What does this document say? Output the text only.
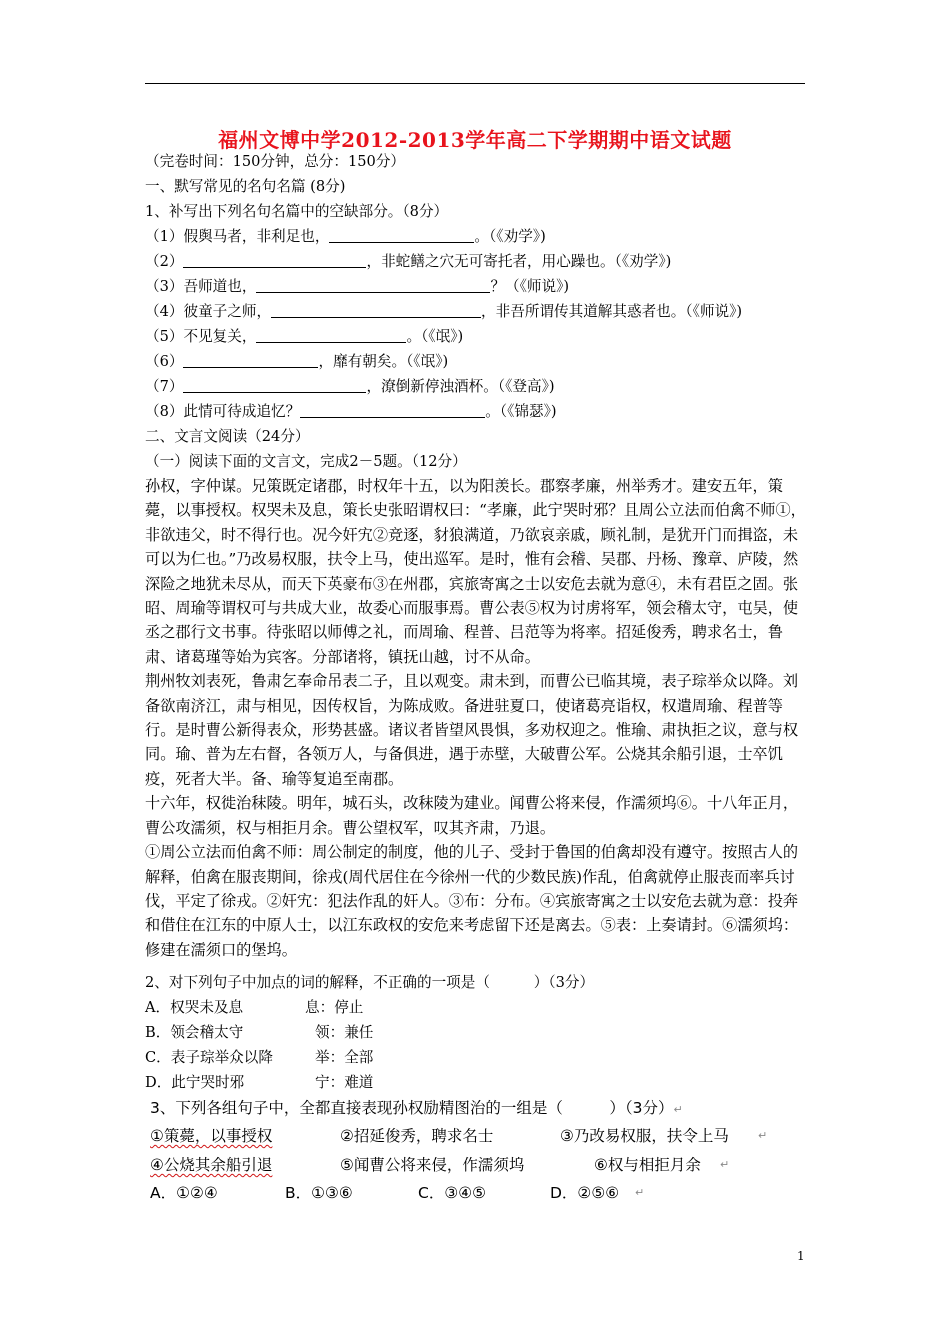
福州文博中学2012-2013学年高二下学期期中语文试题
（完卷时间：150分钟，总分：150分）
一、默写常见的名句名篇 (8分)
1、补写出下列名句名篇中的空缺部分。（8分）
（1）假舆马者，非利足也，	。（《劝学》)
（2）	，非蛇鳝之穴无可寄托者，用心躁也。（《劝学》)
（3）吾师道也，	？（《师说》)
（4）彼童子之师，	，非吾所谓传其道解其惑者也。（《师说》)
（5）不见复关，	。（《氓》)
（6）	，靡有朝矣。（《氓》)
（7）	，潦倒新停浊酒杯。（《登高》)
（8）此情可待成追忆？	。（《锦瑟》)
二、文言文阅读（24分）
（一）阅读下面的文言文，完成2－5题。（12分）

孙权，字仲谋。兄策既定诸郡，时权年十五，以为阳羡长。郡察孝廉，州举秀才。建安五年，策薨，以事授权。权哭未及息，策长史张昭谓权曰：“孝廉，此宁哭时邪？且周公立法而伯禽不师①，非欲违父，时不得行也。况今奸宄②竞逐，豺狼满道，乃欲哀亲戚，顾礼制，是犹开门而揖盗，未可以为仁也。”乃改易权服，扶令上马，使出巡军。是时，惟有会稽、吴郡、丹杨、豫章、庐陵，然深险之地犹未尽从，而天下英豪布③在州郡，宾旅寄寓之士以安危去就为意④，未有君臣之固。张昭、周瑜等谓权可与共成大业，故委心而服事焉。曹公表⑤权为讨虏将军，领会稽太守，屯吴，使丞之郡行文书事。待张昭以师傅之礼，而周瑜、程普、吕范等为将率。招延俊秀，聘求名士，鲁肃、诸葛瑾等始为宾客。分部诸将，镇抚山越，讨不从命。

荆州牧刘表死，鲁肃乞奉命吊表二子，且以观变。肃未到，而曹公已临其境，表子琮举众以降。刘备欲南济江，肃与相见，因传权旨，为陈成败。备进驻夏口，使诸葛亮诣权，权遣周瑜、程普等行。是时曹公新得表众，形势甚盛。诸议者皆望风畏惧，多劝权迎之。惟瑜、肃执拒之议，意与权同。瑜、普为左右督，各领万人，与备俱进，遇于赤壁，大破曹公军。公烧其余船引退，士卒饥疫，死者大半。备、瑜等复追至南郡。

十六年，权徙治秣陵。明年，城石头，改秣陵为建业。闻曹公将来侵，作濡须坞⑥。十八年正月，曹公攻濡须，权与相拒月余。曹公望权军，叹其齐肃，乃退。

①周公立法而伯禽不师：周公制定的制度，他的儿子、受封于鲁国的伯禽却没有遵守。按照古人的解释，伯禽在服丧期间，徐戎(周代居住在今徐州一代的少数民族)作乱，伯禽就停止服丧而率兵讨伐，平定了徐戎。②奸宄：犯法作乱的奸人。③布：分布。④宾旅寄寓之士以安危去就为意：投奔和借住在江东的中原人士，以江东政权的安危来考虑留下还是离去。⑤表：上奏请封。⑥濡须坞：修建在濡须口的堡坞。

2、对下列句子中加点的词的解释，不正确的一项是（　　　）（3分）
A．权哭未及息	息：停止
B．领会稽太守	领：兼任
C．表子琮举众以降	举：全部
D．此宁哭时邪	宁：难道
3、下列各组句子中，全都直接表现孙权励精图治的一组是（　　　）（3分）↵
①策薨，以事授权	②招延俊秀，聘求名士	③乃改易权服，扶令上马	↵
④公烧其余船引退	⑤闻曹公将来侵，作濡须坞	⑥权与相拒月余 ↵
A．①②④	B．①③⑥	C．③④⑤	D．②⑤⑥ ↵
1
